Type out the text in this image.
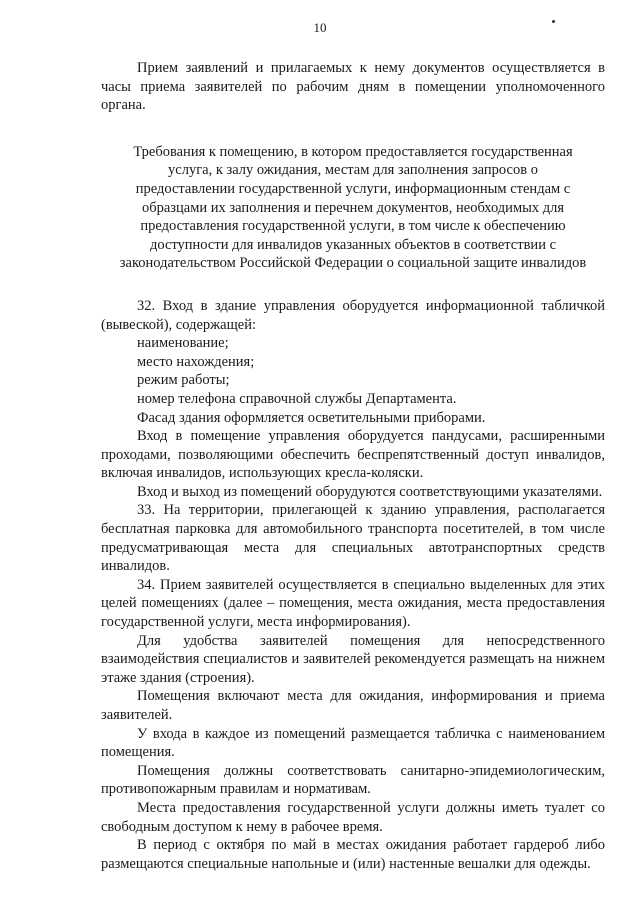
10

Прием заявлений и прилагаемых к нему документов осуществляется в часы приема заявителей по рабочим дням в помещении уполномоченного органа.

Требования к помещению, в котором предоставляется государственная услуга, к залу ожидания, местам для заполнения запросов о предоставлении государственной услуги, информационным стендам с образцами их заполнения и перечнем документов, необходимых для предоставления государственной услуги, в том числе к обеспечению доступности для инвалидов указанных объектов в соответствии с законодательством Российской Федерации о социальной защите инвалидов

32. Вход в здание управления оборудуется информационной табличкой (вывеской), содержащей:

наименование;

место нахождения;

режим работы;

номер телефона справочной службы Департамента.

Фасад здания оформляется осветительными приборами.

Вход в помещение управления оборудуется пандусами, расширенными проходами, позволяющими обеспечить беспрепятственный доступ инвалидов, включая инвалидов, использующих кресла-коляски.

Вход и выход из помещений оборудуются соответствующими указателями.

33. На территории, прилегающей к зданию управления, располагается бесплатная парковка для автомобильного транспорта посетителей, в том числе предусматривающая места для специальных автотранспортных средств инвалидов.

34. Прием заявителей осуществляется в специально выделенных для этих целей помещениях (далее – помещения, места ожидания, места предоставления государственной услуги, места информирования).

Для удобства заявителей помещения для непосредственного взаимодействия специалистов и заявителей рекомендуется размещать на нижнем этаже здания (строения).

Помещения включают места для ожидания, информирования и приема заявителей.

У входа в каждое из помещений размещается табличка с наименованием помещения.

Помещения должны соответствовать санитарно-эпидемиологическим, противопожарным правилам и нормативам.

Места предоставления государственной услуги должны иметь туалет со свободным доступом к нему в рабочее время.

В период с октября по май в местах ожидания работает гардероб либо размещаются специальные напольные и (или) настенные вешалки для одежды.
